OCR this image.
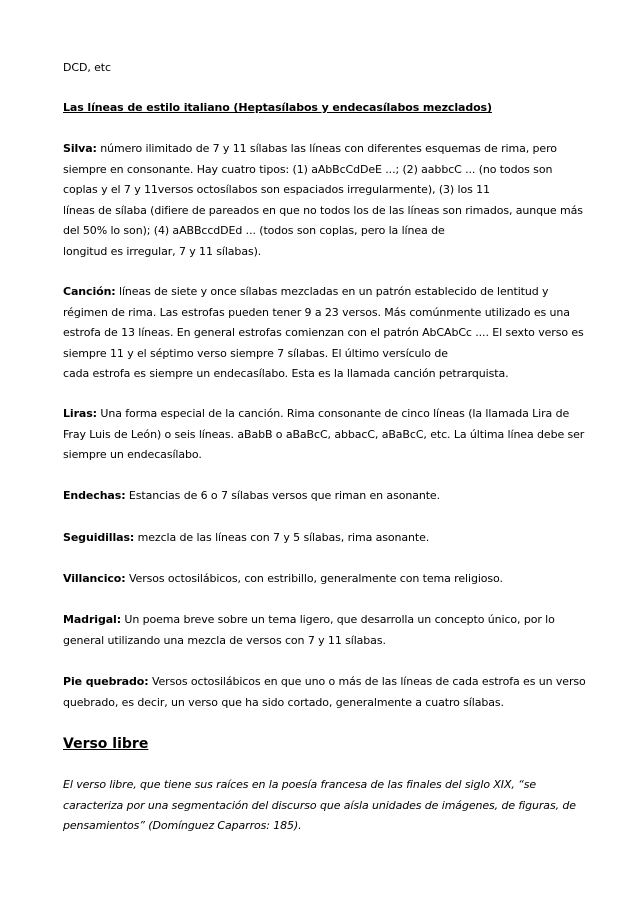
DCD, etc

Las líneas de estilo italiano (Heptasílabos y endecasílabos mezclados)

Silva: número ilimitado de 7 y 11 sílabas las líneas con diferentes esquemas de rima, pero
siempre en consonante. Hay cuatro tipos: (1) aAbBcCdDeE ...; (2) aabbcC ... (no todos son
coplas y el 7 y 11versos octosílabos son espaciados irregularmente), (3) los 11
líneas de sílaba (difiere de pareados en que no todos los de las líneas son rimados, aunque más
del 50% lo son); (4) aABBccdDEd ... (todos son coplas, pero la línea de
longitud es irregular, 7 y 11 sílabas).

Canción: líneas de siete y once sílabas mezcladas en un patrón establecido de lentitud y
régimen de rima. Las estrofas pueden tener 9 a 23 versos. Más comúnmente utilizado es una
estrofa de 13 líneas. En general estrofas comienzan con el patrón AbCAbCc .... El sexto verso es
siempre 11 y el séptimo verso siempre 7 sílabas. El último versículo de
cada estrofa es siempre un endecasílabo. Esta es la llamada canción petrarquista.

Liras: Una forma especial de la canción. Rima consonante de cinco líneas (la llamada Lira de
Fray Luis de León) o seis líneas. aBabB o aBaBcC, abbacC, aBaBcC, etc. La última línea debe ser
siempre un endecasílabo.

Endechas: Estancias de 6 o 7 sílabas versos que riman en asonante.

Seguidillas: mezcla de las líneas con 7 y 5 sílabas, rima asonante.

Villancico: Versos octosilábicos, con estribillo, generalmente con tema religioso.

Madrigal: Un poema breve sobre un tema ligero, que desarrolla un concepto único, por lo
general utilizando una mezcla de versos con 7 y 11 sílabas.

Pie quebrado: Versos octosilábicos en que uno o más de las líneas de cada estrofa es un verso
quebrado, es decir, un verso que ha sido cortado, generalmente a cuatro sílabas.

Verso libre

El verso libre, que tiene sus raíces en la poesía francesa de las finales del siglo XIX, “se
caracteriza por una segmentación del discurso que aísla unidades de imágenes, de figuras, de
pensamientos” (Domínguez Caparros: 185).
